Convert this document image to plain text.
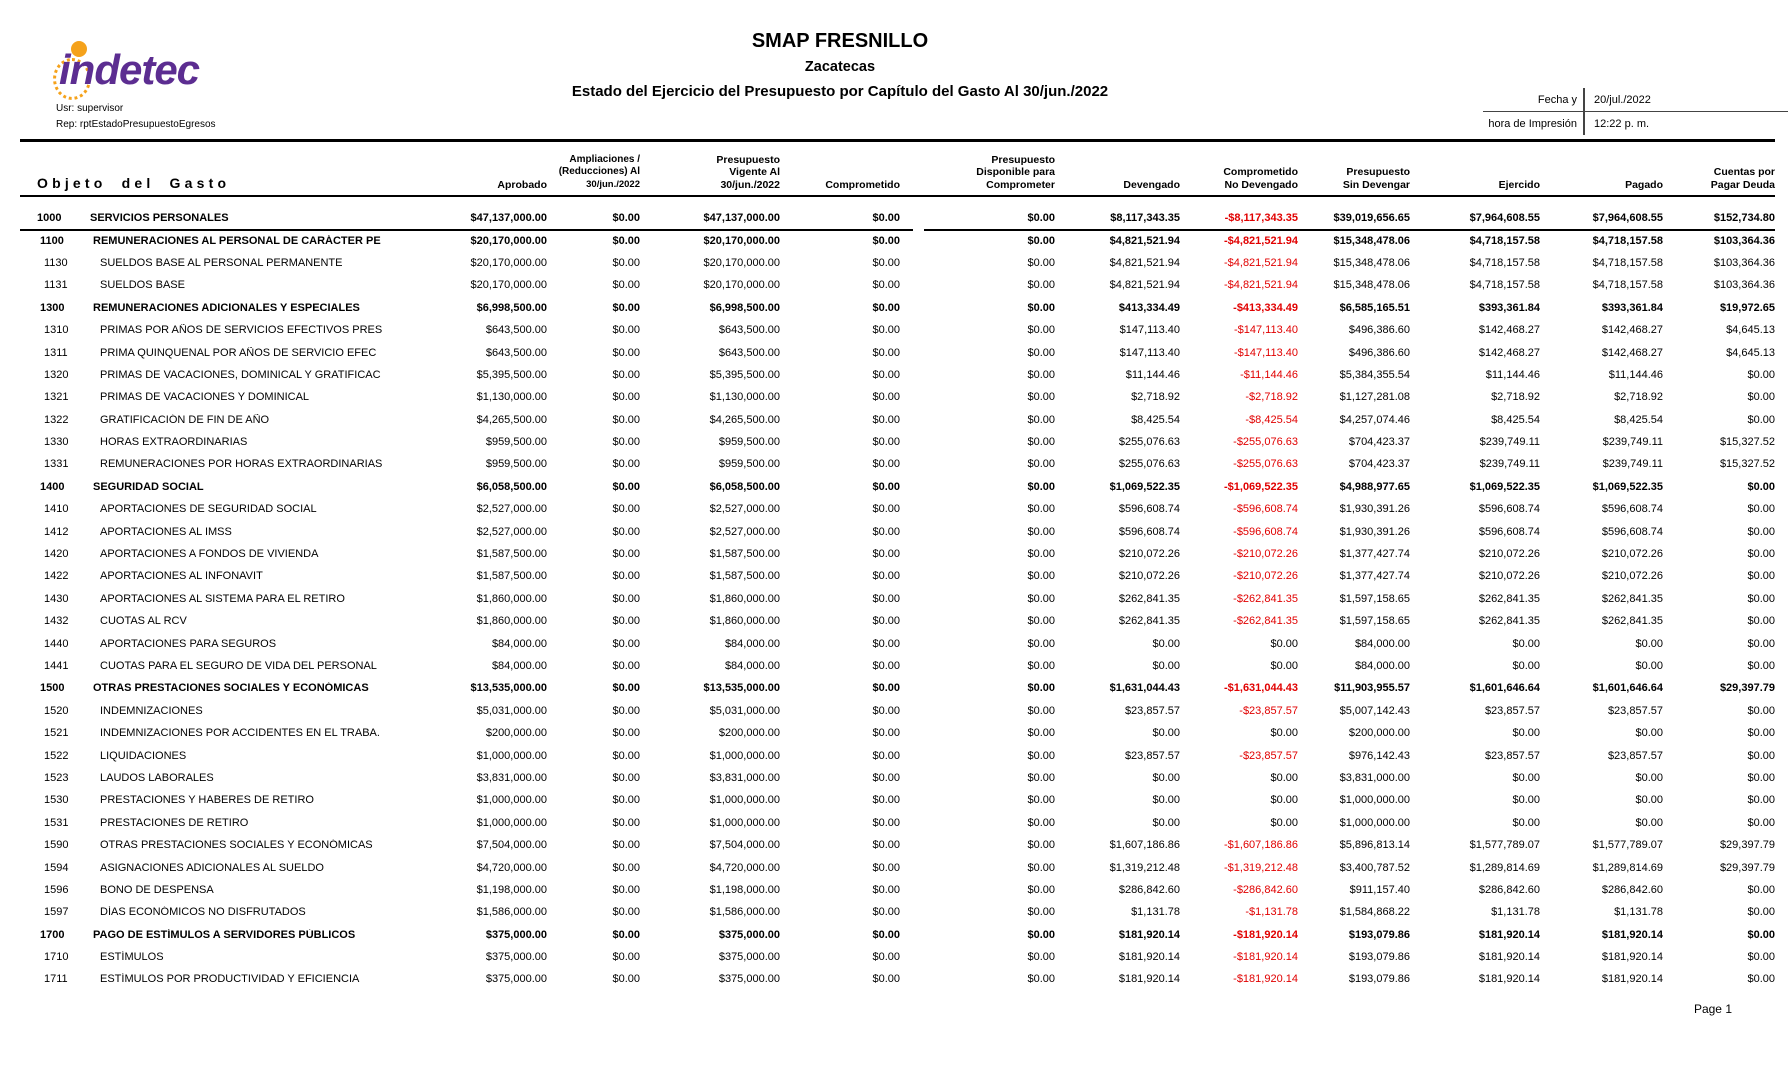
indetec
Usr: supervisor
Rep: rptEstadoPresupuestoEgresos
SMAP FRESNILLO
Zacatecas
Estado del Ejercicio del Presupuesto por Capítulo del Gasto Al 30/jun./2022	Fecha y	20/jul./2022
hora de Impresión	12:22 p. m.
Objeto del Gasto	Aprobado
Ampliaciones /
(Reducciones) Al
30/jun./2022
Presupuesto
Vigente Al
30/jun./2022	Comprometido
Presupuesto
Disponible para
Comprometer	Devengado
Comprometido
No Devengado
Presupuesto
Sin Devengar	Ejercido	Pagado
Cuentas por
Pagar Deuda
1000	SERVICIOS PERSONALES	$47,137,000.00	$0.00	$47,137,000.00	$0.00	$0.00	$8,117,343.35	-$8,117,343.35	$39,019,656.65	$7,964,608.55	$7,964,608.55	$152,734.80
1100	REMUNERACIONES AL PERSONAL DE CARÁCTER PE	$20,170,000.00	$0.00	$20,170,000.00	$0.00	$0.00	$4,821,521.94	-$4,821,521.94	$15,348,478.06	$4,718,157.58	$4,718,157.58	$103,364.36
1130	SUELDOS BASE AL PERSONAL PERMANENTE	$20,170,000.00	$0.00	$20,170,000.00	$0.00	$0.00	$4,821,521.94	-$4,821,521.94	$15,348,478.06	$4,718,157.58	$4,718,157.58	$103,364.36
1131	SUELDOS BASE	$20,170,000.00	$0.00	$20,170,000.00	$0.00	$0.00	$4,821,521.94	-$4,821,521.94	$15,348,478.06	$4,718,157.58	$4,718,157.58	$103,364.36
1300	REMUNERACIONES ADICIONALES Y ESPECIALES	$6,998,500.00	$0.00	$6,998,500.00	$0.00	$0.00	$413,334.49	-$413,334.49	$6,585,165.51	$393,361.84	$393,361.84	$19,972.65
1310	PRIMAS POR AÑOS DE SERVICIOS EFECTIVOS PRES	$643,500.00	$0.00	$643,500.00	$0.00	$0.00	$147,113.40	-$147,113.40	$496,386.60	$142,468.27	$142,468.27	$4,645.13
1311	PRIMA QUINQUENAL POR AÑOS DE SERVICIO EFEC	$643,500.00	$0.00	$643,500.00	$0.00	$0.00	$147,113.40	-$147,113.40	$496,386.60	$142,468.27	$142,468.27	$4,645.13
1320	PRIMAS DE VACACIONES, DOMINICAL Y GRATIFICAC	$5,395,500.00	$0.00	$5,395,500.00	$0.00	$0.00	$11,144.46	-$11,144.46	$5,384,355.54	$11,144.46	$11,144.46	$0.00
1321	PRIMAS DE VACACIONES Y DOMINICAL	$1,130,000.00	$0.00	$1,130,000.00	$0.00	$0.00	$2,718.92	-$2,718.92	$1,127,281.08	$2,718.92	$2,718.92	$0.00
1322	GRATIFICACIÓN DE FIN DE AÑO	$4,265,500.00	$0.00	$4,265,500.00	$0.00	$0.00	$8,425.54	-$8,425.54	$4,257,074.46	$8,425.54	$8,425.54	$0.00
1330	HORAS EXTRAORDINARIAS	$959,500.00	$0.00	$959,500.00	$0.00	$0.00	$255,076.63	-$255,076.63	$704,423.37	$239,749.11	$239,749.11	$15,327.52
1331	REMUNERACIONES POR HORAS EXTRAORDINARIAS	$959,500.00	$0.00	$959,500.00	$0.00	$0.00	$255,076.63	-$255,076.63	$704,423.37	$239,749.11	$239,749.11	$15,327.52
1400	SEGURIDAD SOCIAL	$6,058,500.00	$0.00	$6,058,500.00	$0.00	$0.00	$1,069,522.35	-$1,069,522.35	$4,988,977.65	$1,069,522.35	$1,069,522.35	$0.00
1410	APORTACIONES DE SEGURIDAD SOCIAL	$2,527,000.00	$0.00	$2,527,000.00	$0.00	$0.00	$596,608.74	-$596,608.74	$1,930,391.26	$596,608.74	$596,608.74	$0.00
1412	APORTACIONES AL IMSS	$2,527,000.00	$0.00	$2,527,000.00	$0.00	$0.00	$596,608.74	-$596,608.74	$1,930,391.26	$596,608.74	$596,608.74	$0.00
1420	APORTACIONES A FONDOS DE VIVIENDA	$1,587,500.00	$0.00	$1,587,500.00	$0.00	$0.00	$210,072.26	-$210,072.26	$1,377,427.74	$210,072.26	$210,072.26	$0.00
1422	APORTACIONES AL INFONAVIT	$1,587,500.00	$0.00	$1,587,500.00	$0.00	$0.00	$210,072.26	-$210,072.26	$1,377,427.74	$210,072.26	$210,072.26	$0.00
1430	APORTACIONES AL SISTEMA PARA EL RETIRO	$1,860,000.00	$0.00	$1,860,000.00	$0.00	$0.00	$262,841.35	-$262,841.35	$1,597,158.65	$262,841.35	$262,841.35	$0.00
1432	CUOTAS AL RCV	$1,860,000.00	$0.00	$1,860,000.00	$0.00	$0.00	$262,841.35	-$262,841.35	$1,597,158.65	$262,841.35	$262,841.35	$0.00
1440	APORTACIONES PARA SEGUROS	$84,000.00	$0.00	$84,000.00	$0.00	$0.00	$0.00	$0.00	$84,000.00	$0.00	$0.00	$0.00
1441	CUOTAS PARA EL SEGURO DE VIDA DEL PERSONAL	$84,000.00	$0.00	$84,000.00	$0.00	$0.00	$0.00	$0.00	$84,000.00	$0.00	$0.00	$0.00
1500	OTRAS PRESTACIONES SOCIALES Y ECONÓMICAS	$13,535,000.00	$0.00	$13,535,000.00	$0.00	$0.00	$1,631,044.43	-$1,631,044.43	$11,903,955.57	$1,601,646.64	$1,601,646.64	$29,397.79
1520	INDEMNIZACIONES	$5,031,000.00	$0.00	$5,031,000.00	$0.00	$0.00	$23,857.57	-$23,857.57	$5,007,142.43	$23,857.57	$23,857.57	$0.00
1521	INDEMNIZACIONES POR ACCIDENTES EN EL TRABA.	$200,000.00	$0.00	$200,000.00	$0.00	$0.00	$0.00	$0.00	$200,000.00	$0.00	$0.00	$0.00
1522	LIQUIDACIONES	$1,000,000.00	$0.00	$1,000,000.00	$0.00	$0.00	$23,857.57	-$23,857.57	$976,142.43	$23,857.57	$23,857.57	$0.00
1523	LAUDOS LABORALES	$3,831,000.00	$0.00	$3,831,000.00	$0.00	$0.00	$0.00	$0.00	$3,831,000.00	$0.00	$0.00	$0.00
1530	PRESTACIONES Y HABERES DE RETIRO	$1,000,000.00	$0.00	$1,000,000.00	$0.00	$0.00	$0.00	$0.00	$1,000,000.00	$0.00	$0.00	$0.00
1531	PRESTACIONES DE RETIRO	$1,000,000.00	$0.00	$1,000,000.00	$0.00	$0.00	$0.00	$0.00	$1,000,000.00	$0.00	$0.00	$0.00
1590	OTRAS PRESTACIONES SOCIALES Y ECONÓMICAS	$7,504,000.00	$0.00	$7,504,000.00	$0.00	$0.00	$1,607,186.86	-$1,607,186.86	$5,896,813.14	$1,577,789.07	$1,577,789.07	$29,397.79
1594	ASIGNACIONES ADICIONALES AL SUELDO	$4,720,000.00	$0.00	$4,720,000.00	$0.00	$0.00	$1,319,212.48	-$1,319,212.48	$3,400,787.52	$1,289,814.69	$1,289,814.69	$29,397.79
1596	BONO DE DESPENSA	$1,198,000.00	$0.00	$1,198,000.00	$0.00	$0.00	$286,842.60	-$286,842.60	$911,157.40	$286,842.60	$286,842.60	$0.00
1597	DÍAS ECONÓMICOS NO DISFRUTADOS	$1,586,000.00	$0.00	$1,586,000.00	$0.00	$0.00	$1,131.78	-$1,131.78	$1,584,868.22	$1,131.78	$1,131.78	$0.00
1700	PAGO DE ESTÍMULOS A SERVIDORES PÚBLICOS	$375,000.00	$0.00	$375,000.00	$0.00	$0.00	$181,920.14	-$181,920.14	$193,079.86	$181,920.14	$181,920.14	$0.00
1710	ESTÍMULOS	$375,000.00	$0.00	$375,000.00	$0.00	$0.00	$181,920.14	-$181,920.14	$193,079.86	$181,920.14	$181,920.14	$0.00
1711	ESTÍMULOS POR PRODUCTIVIDAD Y EFICIENCIA	$375,000.00	$0.00	$375,000.00	$0.00	$0.00	$181,920.14	-$181,920.14	$193,079.86	$181,920.14	$181,920.14	$0.00
Page 1
